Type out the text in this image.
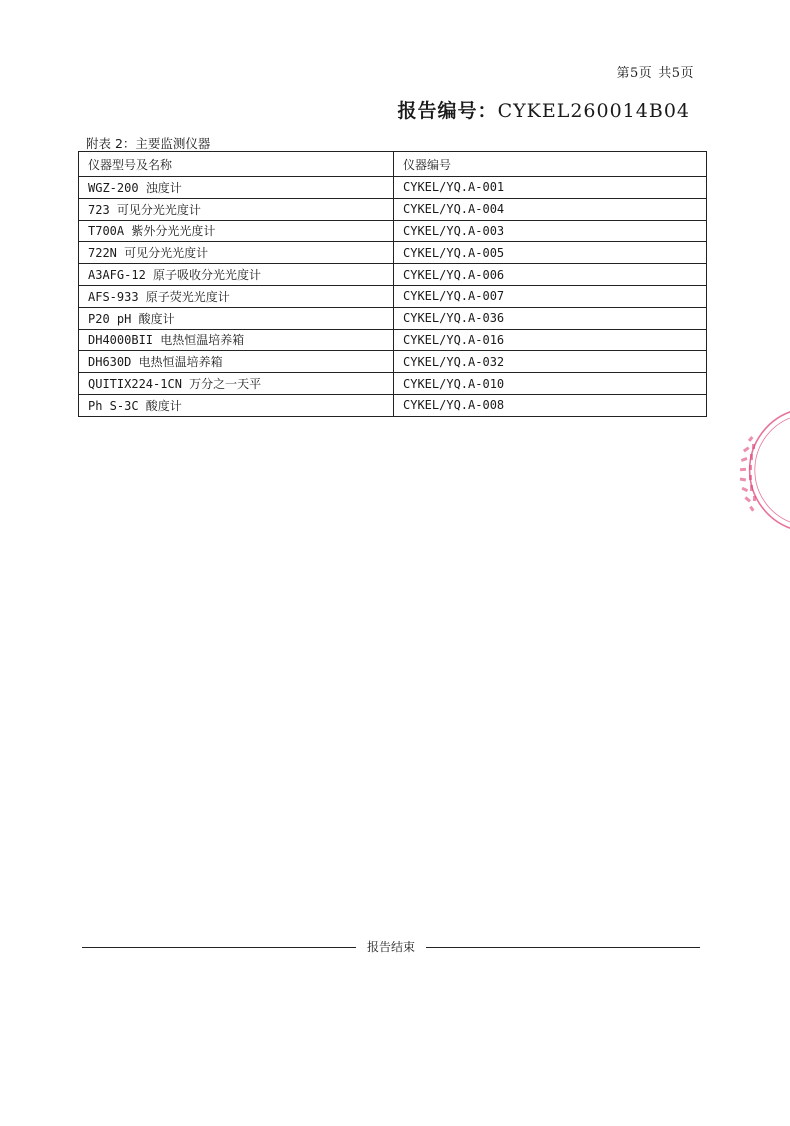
第5页 共5页
报告编号：CYKEL260014B04
附表 2：主要监测仪器
仪器型号及名称	仪器编号
WGZ-200 浊度计	CYKEL/YQ.A-001
723 可见分光光度计	CYKEL/YQ.A-004
T700A 紫外分光光度计	CYKEL/YQ.A-003
722N 可见分光光度计	CYKEL/YQ.A-005
A3AFG-12 原子吸收分光光度计	CYKEL/YQ.A-006
AFS-933 原子荧光光度计	CYKEL/YQ.A-007
P20 pH 酸度计	CYKEL/YQ.A-036
DH4000BII 电热恒温培养箱	CYKEL/YQ.A-016
DH630D 电热恒温培养箱	CYKEL/YQ.A-032
QUITIX224-1CN 万分之一天平	CYKEL/YQ.A-010
Ph S-3C 酸度计	CYKEL/YQ.A-008
报告结束
